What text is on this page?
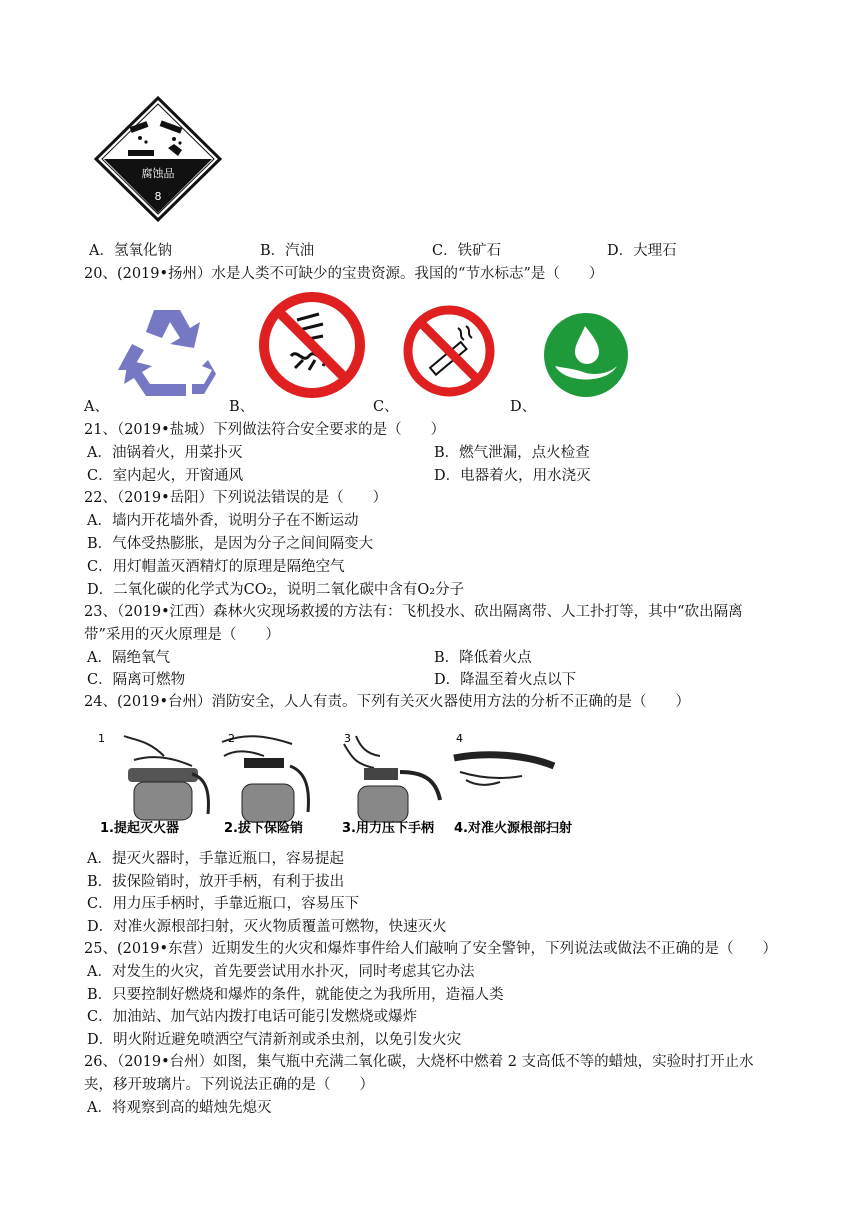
腐蚀品
8
A．氢氧化钠	B．汽油	C．铁矿石	D．大理石
20、(2019•扬州）水是人类不可缺少的宝贵资源。我国的“节水标志”是（　　）
A、	B、	C、	D、
21、（2019•盐城）下列做法符合安全要求的是（　　）
A．油锅着火，用菜扑灭	B．燃气泄漏，点火检查
C．室内起火，开窗通风	D．电器着火，用水浇灭
22、（2019•岳阳）下列说法错误的是（　　）
A．墙内开花墙外香，说明分子在不断运动
B．气体受热膨胀，是因为分子之间间隔变大
C．用灯帽盖灭酒精灯的原理是隔绝空气
D．二氧化碳的化学式为CO₂，说明二氧化碳中含有O₂分子
23、（2019•江西）森林火灾现场救援的方法有：飞机投水、砍出隔离带、人工扑打等，其中“砍出隔离
带”采用的灭火原理是（　　）
A．隔绝氧气	B．降低着火点
C．隔离可燃物	D．降温至着火点以下
24、(2019•台州）消防安全，人人有责。下列有关灭火器使用方法的分析不正确的是（　　）
1	2	3	4
1.提起灭火器	2.拔下保险销	3.用力压下手柄 4.对准火源根部扫射
A．提灭火器时，手靠近瓶口，容易提起
B．拔保险销时，放开手柄，有利于拔出
C．用力压手柄时，手靠近瓶口，容易压下
D．对准火源根部扫射，灭火物质覆盖可燃物，快速灭火
25、(2019•东营）近期发生的火灾和爆炸事件给人们敲响了安全警钟，下列说法或做法不正确的是（　　）
A．对发生的火灾，首先要尝试用水扑灭，同时考虑其它办法
B．只要控制好燃烧和爆炸的条件，就能使之为我所用，造福人类
C．加油站、加气站内拨打电话可能引发燃烧或爆炸
D．明火附近避免喷洒空气清新剂或杀虫剂，以免引发火灾
26、（2019•台州）如图，集气瓶中充满二氧化碳，大烧杯中燃着 2 支高低不等的蜡烛，实验时打开止水
夹，移开玻璃片。下列说法正确的是（　　）
A．将观察到高的蜡烛先熄灭
